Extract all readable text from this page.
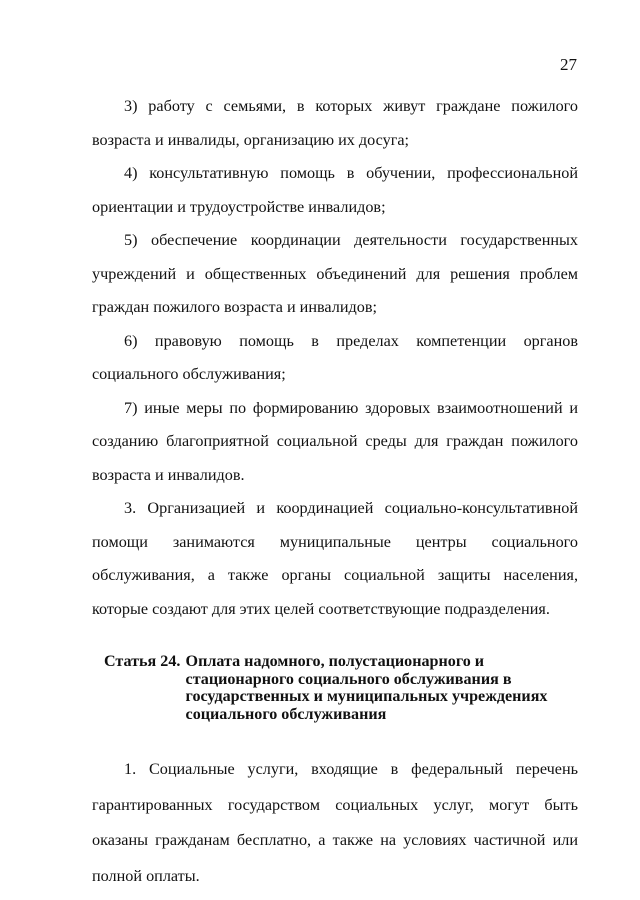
27

3) работу с семьями, в которых живут граждане пожилого возраста и инвалиды, организацию их досуга;

4) консультативную помощь в обучении, профессиональной ориентации и трудоустройстве инвалидов;

5) обеспечение координации деятельности государственных учреждений и общественных объединений для решения проблем граждан пожилого возраста и инвалидов;

6) правовую помощь в пределах компетенции органов социального обслуживания;

7) иные меры по формированию здоровых взаимоотношений и созданию благоприятной социальной среды для граждан пожилого возраста и инвалидов.

3. Организацией и координацией социально-консультативной помощи занимаются муниципальные центры социального обслуживания, а также органы социальной защиты населения, которые создают для этих целей соответствующие подразделения.

Статья 24. Оплата надомного, полустационарного и
стационарного социального обслуживания в
государственных и муниципальных учреждениях
социального обслуживания

1. Социальные услуги, входящие в федеральный перечень гарантированных государством социальных услуг, могут быть оказаны гражданам бесплатно, а также на условиях частичной или полной оплаты.
